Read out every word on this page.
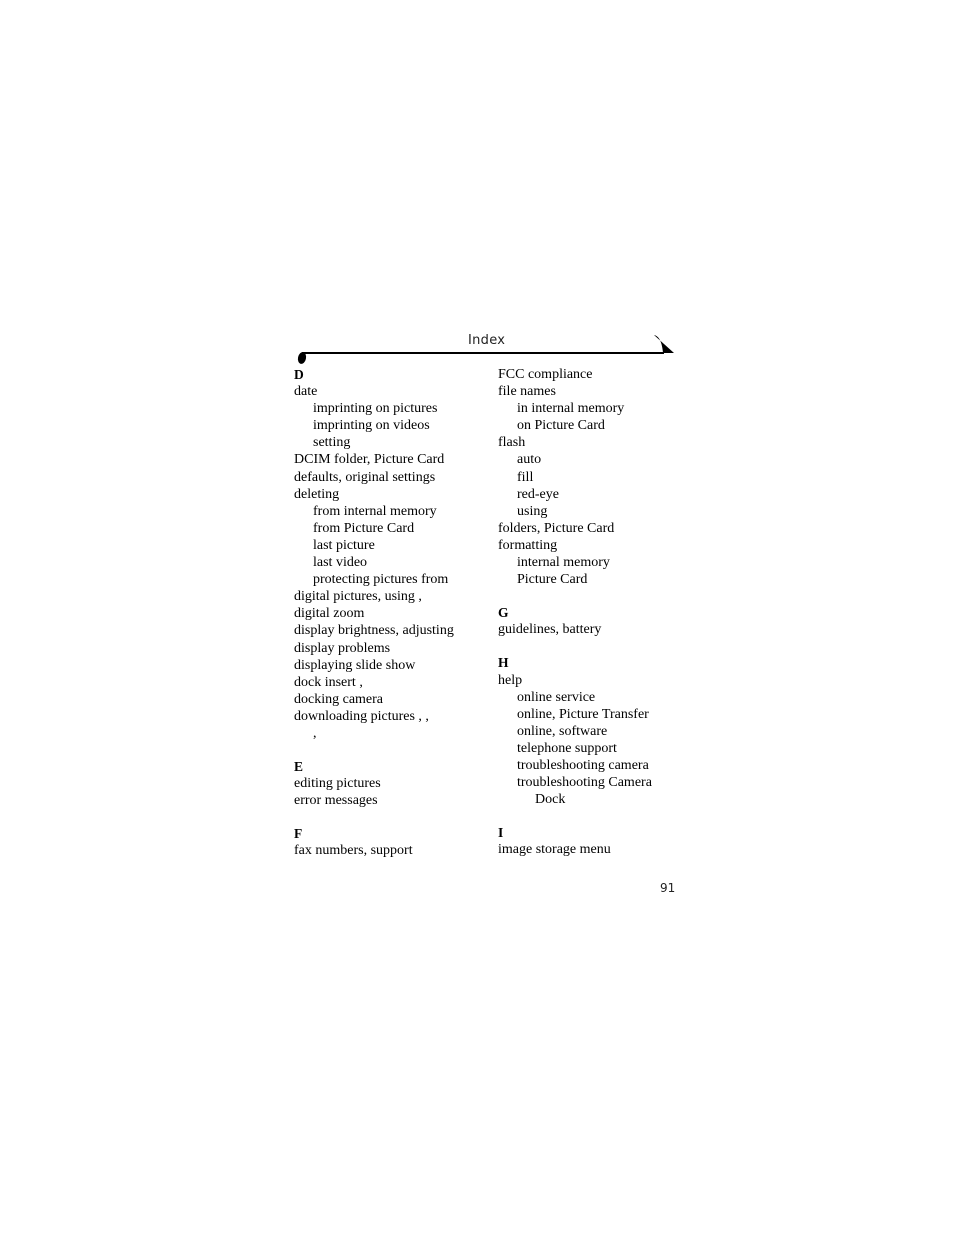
Index
D
date
imprinting on pictures
imprinting on videos
setting
DCIM folder, Picture Card
defaults, original settings
deleting
from internal memory
from Picture Card
last picture
last video
protecting pictures from
digital pictures, using ,
digital zoom
display brightness, adjusting
display problems
displaying slide show
dock insert ,
docking camera
downloading pictures , ,
,
E
editing pictures
error messages
F
fax numbers, support
FCC compliance
file names
in internal memory
on Picture Card
flash
auto
fill
red-eye
using
folders, Picture Card
formatting
internal memory
Picture Card
G
guidelines, battery
H
help
online service
online, Picture Transfer
online, software
telephone support
troubleshooting camera
troubleshooting Camera
Dock
I
image storage menu
91
